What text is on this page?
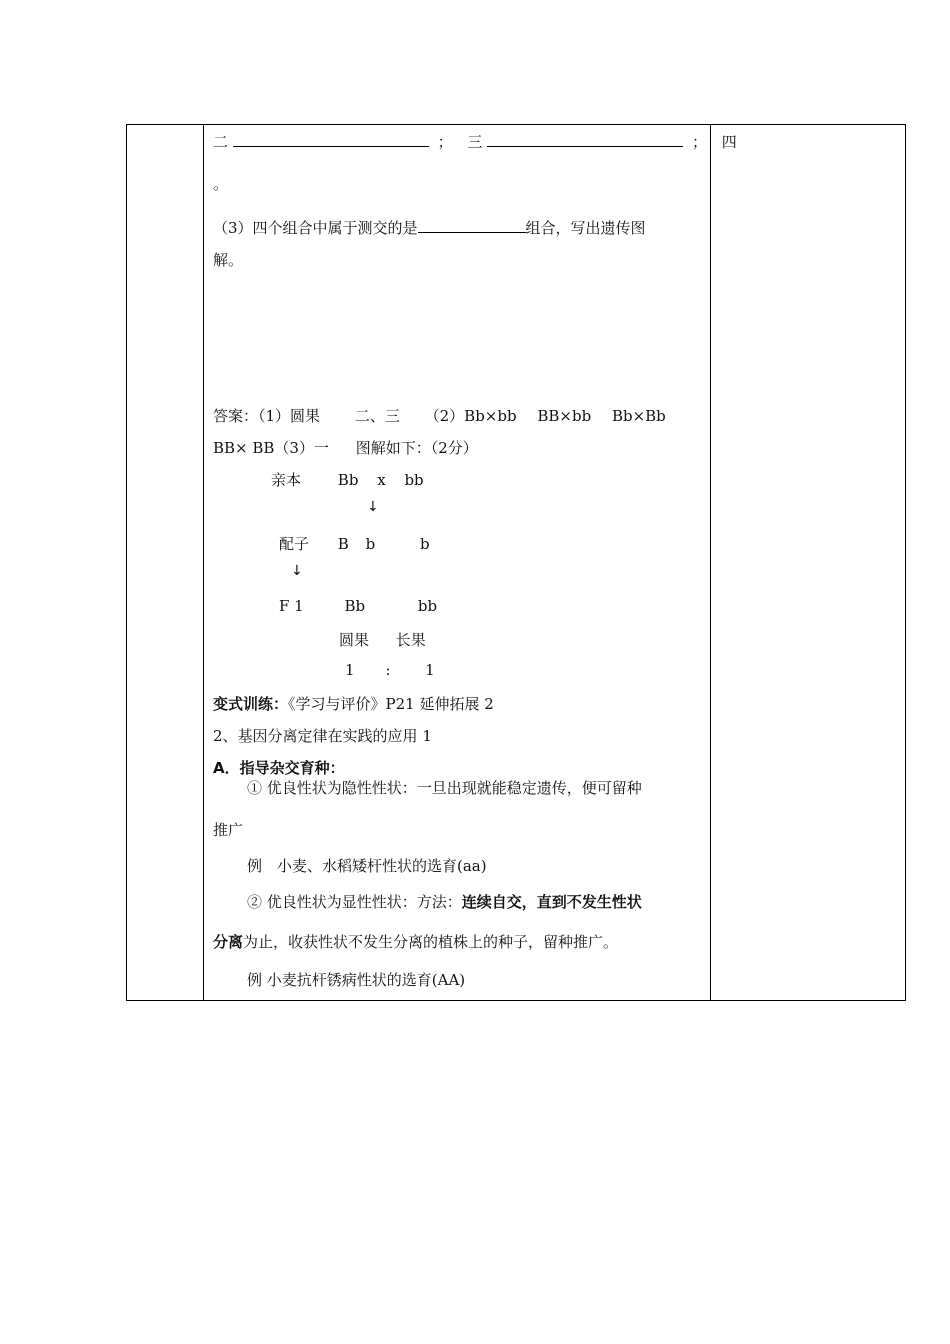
二	； 三	； 四
。
（3）四个组合中属于测交的是	组合，写出遗传图
解。
答案：（1）圆果 二、三 （2）Bb×bb BB×bb Bb×Bb
BB× BB（3）一 图解如下：（2分）
亲本 Bb x bb
↓
配子 B b	b
↓
F 1	Bb	bb
圆果 长果
1 : 1
变式训练：《学习与评价》P21 延伸拓展 2
2、基因分离定律在实践的应用 1
A．指导杂交育种：
① 优良性状为隐性性状：一旦出现就能稳定遗传，便可留种
推广
例　小麦、水稻矮杆性状的选育(aa)
② 优良性状为显性性状：方法：连续自交，直到不发生性状
分离为止，收获性状不发生分离的植株上的种子，留种推广。
例 小麦抗杆锈病性状的选育(AA)
